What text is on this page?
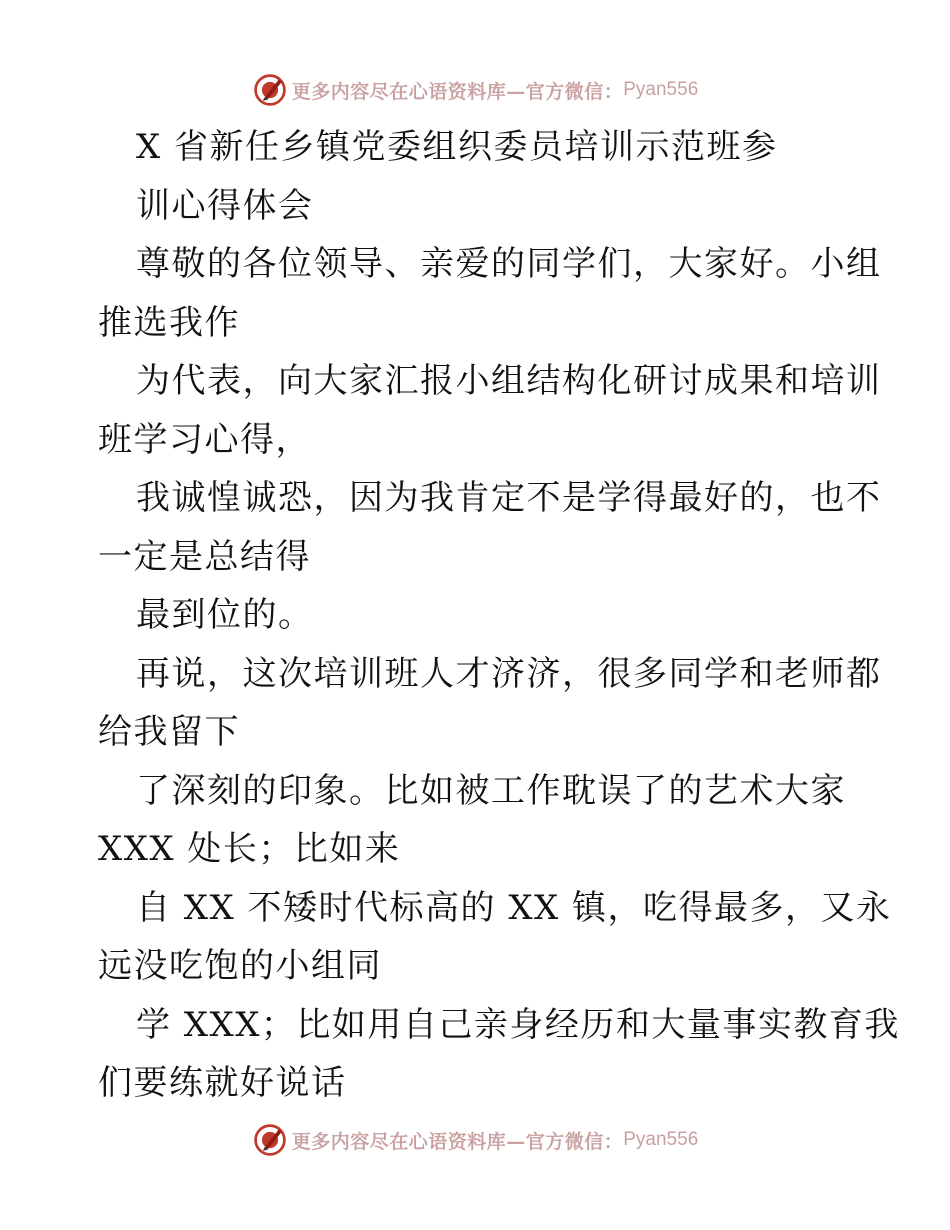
更多内容尽在心语资料库—官方微信： Pyan556
X 省新任乡镇党委组织委员培训示范班参
训心得体会
尊敬的各位领导、亲爱的同学们，大家好。小组
推选我作
为代表，向大家汇报小组结构化研讨成果和培训
班学习心得，
我诚惶诚恐，因为我肯定不是学得最好的，也不
一定是总结得
最到位的。
再说，这次培训班人才济济，很多同学和老师都
给我留下
了深刻的印象。比如被工作耽误了的艺术大家
XXX 处长；比如来
自 XX 不矮时代标高的 XX 镇，吃得最多，又永
远没吃饱的小组同
学 XXX；比如用自己亲身经历和大量事实教育我
们要练就好说话
更多内容尽在心语资料库—官方微信： Pyan556
